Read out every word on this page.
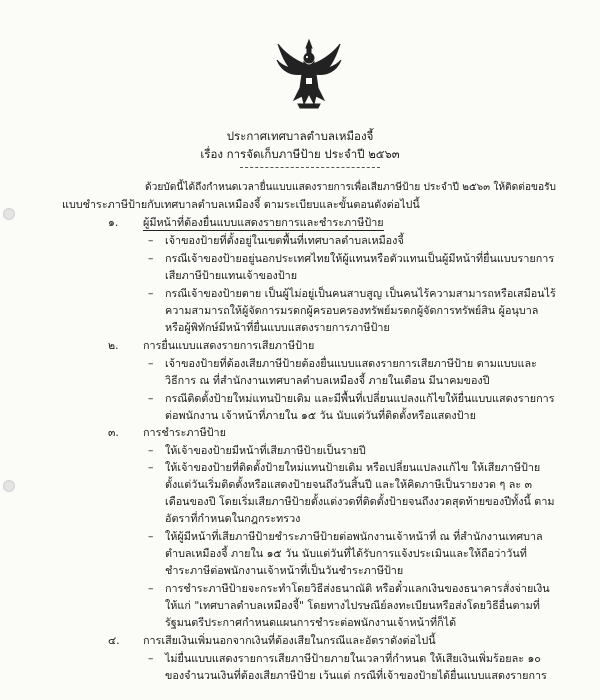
ประกาศเทศบาลตำบลเหมืองจี้
เรื่อง การจัดเก็บภาษีป้าย ประจำปี ๒๕๖๓
ด้วยบัดนี้ได้ถึงกำหนดเวลายื่นแบบแสดงรายการเพื่อเสียภาษีป้าย ประจำปี ๒๕๖๓ ให้ติดต่อขอรับ
แบบชำระภาษีป้ายกับเทศบาลตำบลเหมืองจี้ ตามระเบียบและขั้นตอนดังต่อไปนี้
๑. ผู้มีหน้าที่ต้องยื่นแบบแสดงรายการและชำระภาษีป้าย
– เจ้าของป้ายที่ตั้งอยู่ในเขตพื้นที่เทศบาลตำบลเหมืองจี้
– กรณีเจ้าของป้ายอยู่นอกประเทศไทยให้ผู้แทนหรือตัวแทนเป็นผู้มีหน้าที่ยื่นแบบรายการ
เสียภาษีป้ายแทนเจ้าของป้าย
– กรณีเจ้าของป้ายตาย เป็นผู้ไม่อยู่เป็นคนสาบสูญ เป็นคนไร้ความสามารถหรือเสมือนไร้
ความสามารถให้ผู้จัดการมรดกผู้ครอบครองทรัพย์มรดกผู้จัดการทรัพย์สิน ผู้อนุบาล
หรือผู้พิทักษ์มีหน้าที่ยื่นแบบแสดงรายการภาษีป้าย
๒. การยื่นแบบแสดงรายการเสียภาษีป้าย
– เจ้าของป้ายที่ต้องเสียภาษีป้ายต้องยื่นแบบแสดงรายการเสียภาษีป้าย ตามแบบและ
วิธีการ ณ ที่สำนักงานเทศบาลตำบลเหมืองจี้ ภายในเดือน มีนาคมของปี
– กรณีติดตั้งป้ายใหม่แทนป้ายเดิม และมีพื้นที่เปลี่ยนแปลงแก้ไขให้ยื่นแบบแสดงรายการ
ต่อพนักงาน เจ้าหน้าที่ภายใน ๑๕ วัน นับแต่วันที่ติดตั้งหรือแสดงป้าย
๓. การชำระภาษีป้าย
– ให้เจ้าของป้ายมีหน้าที่เสียภาษีป้ายเป็นรายปี
– ให้เจ้าของป้ายที่ติดตั้งป้ายใหม่แทนป้ายเดิม หรือเปลี่ยนแปลงแก้ไข ให้เสียภาษีป้าย
ตั้งแต่วันเริ่มติดตั้งหรือแสดงป้ายจนถึงวันสิ้นปี และให้คิดภาษีเป็นรายงวด ๆ ละ ๓
เดือนของปี โดยเริ่มเสียภาษีป้ายตั้งแต่งวดที่ติดตั้งป้ายจนถึงงวดสุดท้ายของปีทั้งนี้ ตาม
อัตราที่กำหนดในกฎกระทรวง
– ให้ผู้มีหน้าที่เสียภาษีป้ายชำระภาษีป้ายต่อพนักงานเจ้าหน้าที่ ณ ที่สำนักงานเทศบาล
ตำบลเหมืองจี้ ภายใน ๑๕ วัน นับแต่วันที่ได้รับการแจ้งประเมินและให้ถือว่าวันที่
ชำระภาษีต่อพนักงานเจ้าหน้าที่เป็นวันชำระภาษีป้าย
– การชำระภาษีป้ายจะกระทำโดยวิธีส่งธนาณัติ หรือตั๋วแลกเงินของธนาคารสั่งจ่ายเงิน
ให้แก่ "เทศบาลตำบลเหมืองจี้" โดยทางไปรษณีย์ลงทะเบียนหรือส่งโดยวิธีอื่นตามที่
รัฐมนตรีประกาศกำหนดแผนการชำระต่อพนักงานเจ้าหน้าที่ก็ได้
๔. การเสียเงินเพิ่มนอกจากเงินที่ต้องเสียในกรณีและอัตราดังต่อไปนี้
– ไม่ยื่นแบบแสดงรายการเสียภาษีป้ายภายในเวลาที่กำหนด ให้เสียเงินเพิ่มร้อยละ ๑๐
ของจำนวนเงินที่ต้องเสียภาษีป้าย เว้นแต่ กรณีที่เจ้าของป้ายได้ยื่นแบบแสดงรายการ
